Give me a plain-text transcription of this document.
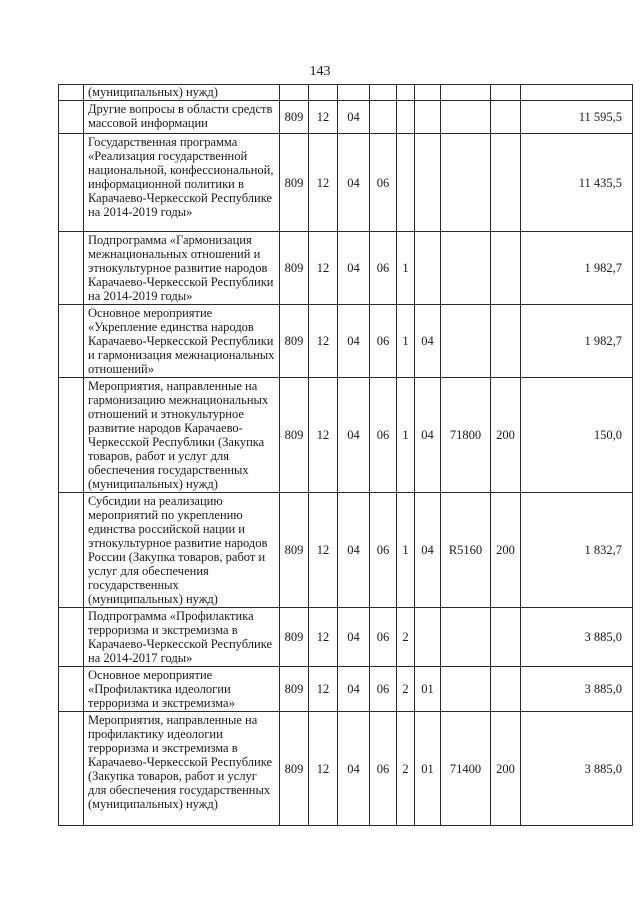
143
	(муниципальных) нужд)									
	Другие вопросы в области средств массовой информации	809	12	04						11 595,5
	Государственная программа «Реализация государственной национальной, конфессиональной, информационной политики в Карачаево-Черкесской Республике на 2014-2019 годы»	809	12	04	06					11 435,5
	Подпрограмма «Гармонизация межнациональных отношений и этнокультурное развитие народов Карачаево-Черкесской Республики на 2014-2019 годы»	809	12	04	06	1				1 982,7
	Основное мероприятие «Укрепление единства народов Карачаево-Черкесской Республики и гармонизация межнациональных отношений»	809	12	04	06	1	04			1 982,7
	Мероприятия, направленные на гармонизацию межнациональных отношений и этнокультурное развитие народов Карачаево-Черкесской Республики (Закупка товаров, работ и услуг для обеспечения государственных (муниципальных) нужд)	809	12	04	06	1	04	71800	200	150,0
	Субсидии на реализацию мероприятий по укреплению единства российской нации и этнокультурное развитие народов России (Закупка товаров, работ и услуг для обеспечения государственных (муниципальных) нужд)	809	12	04	06	1	04	R5160	200	1 832,7
	Подпрограмма «Профилактика терроризма и экстремизма в Карачаево-Черкесской Республике на 2014-2017 годы»	809	12	04	06	2				3 885,0
	Основное мероприятие «Профилактика идеологии терроризма и экстремизма»	809	12	04	06	2	01			3 885,0
	Мероприятия, направленные на профилактику идеологии терроризма и экстремизма в Карачаево-Черкесской Республике (Закупка товаров, работ и услуг для обеспечения государственных (муниципальных) нужд)	809	12	04	06	2	01	71400	200	3 885,0
